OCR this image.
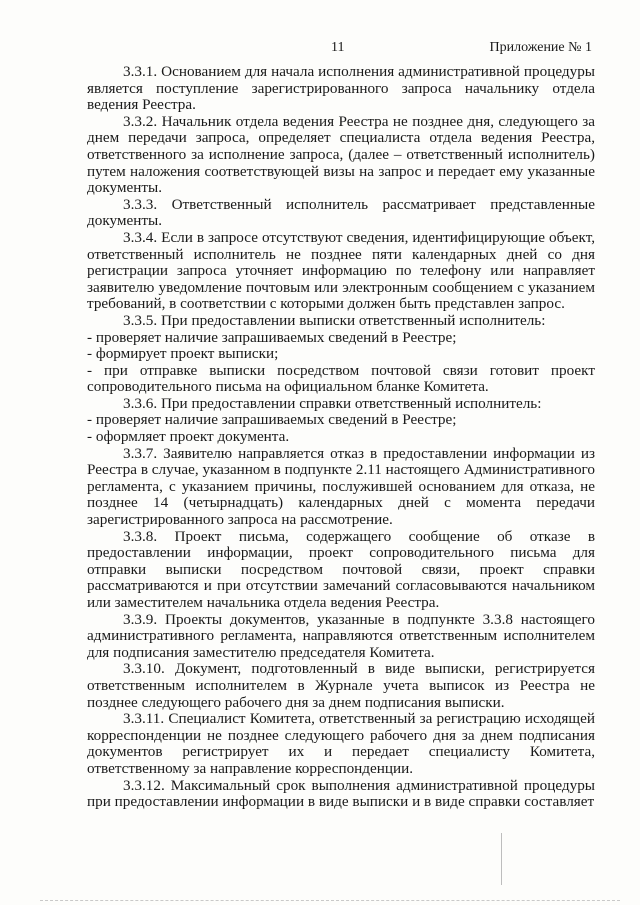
11	Приложение № 1

3.3.1. Основанием для начала исполнения административной процедуры является поступление зарегистрированного запроса начальнику отдела ведения Реестра.

3.3.2. Начальник отдела ведения Реестра не позднее дня, следующего за днем передачи запроса, определяет специалиста отдела ведения Реестра, ответственного за исполнение запроса, (далее – ответственный исполнитель) путем наложения соответствующей визы на запрос и передает ему указанные документы.

3.3.3. Ответственный исполнитель рассматривает представленные документы.

3.3.4. Если в запросе отсутствуют сведения, идентифицирующие объект, ответственный исполнитель не позднее пяти календарных дней со дня регистрации запроса уточняет информацию по телефону или направляет заявителю уведомление почтовым или электронным сообщением с указанием требований, в соответствии с которыми должен быть представлен запрос.

3.3.5. При предоставлении выписки ответственный исполнитель:

- проверяет наличие запрашиваемых сведений в Реестре;

- формирует проект выписки;

- при отправке выписки посредством почтовой связи готовит проект сопроводительного письма на официальном бланке Комитета.

3.3.6. При предоставлении справки ответственный исполнитель:

- проверяет наличие запрашиваемых сведений в Реестре;

- оформляет проект документа.

3.3.7. Заявителю направляется отказ в предоставлении информации из Реестра в случае, указанном в подпункте 2.11 настоящего Административного регламента, с указанием причины, послужившей основанием для отказа, не позднее 14 (четырнадцать) календарных дней с момента передачи зарегистрированного запроса на рассмотрение.

3.3.8. Проект письма, содержащего сообщение об отказе в предоставлении информации, проект сопроводительного письма для отправки выписки посредством почтовой связи, проект справки рассматриваются и при отсутствии замечаний согласовываются начальником или заместителем начальника отдела ведения Реестра.

3.3.9. Проекты документов, указанные в подпункте 3.3.8 настоящего административного регламента, направляются ответственным исполнителем для подписания заместителю председателя Комитета.

3.3.10. Документ, подготовленный в виде выписки, регистрируется ответственным исполнителем в Журнале учета выписок из Реестра не позднее следующего рабочего дня за днем подписания выписки.

3.3.11. Специалист Комитета, ответственный за регистрацию исходящей корреспонденции не позднее следующего рабочего дня за днем подписания документов регистрирует их и передает специалисту Комитета, ответственному за направление корреспонденции.

3.3.12. Максимальный срок выполнения административной процедуры при предоставлении информации в виде выписки и в виде справки составляет
